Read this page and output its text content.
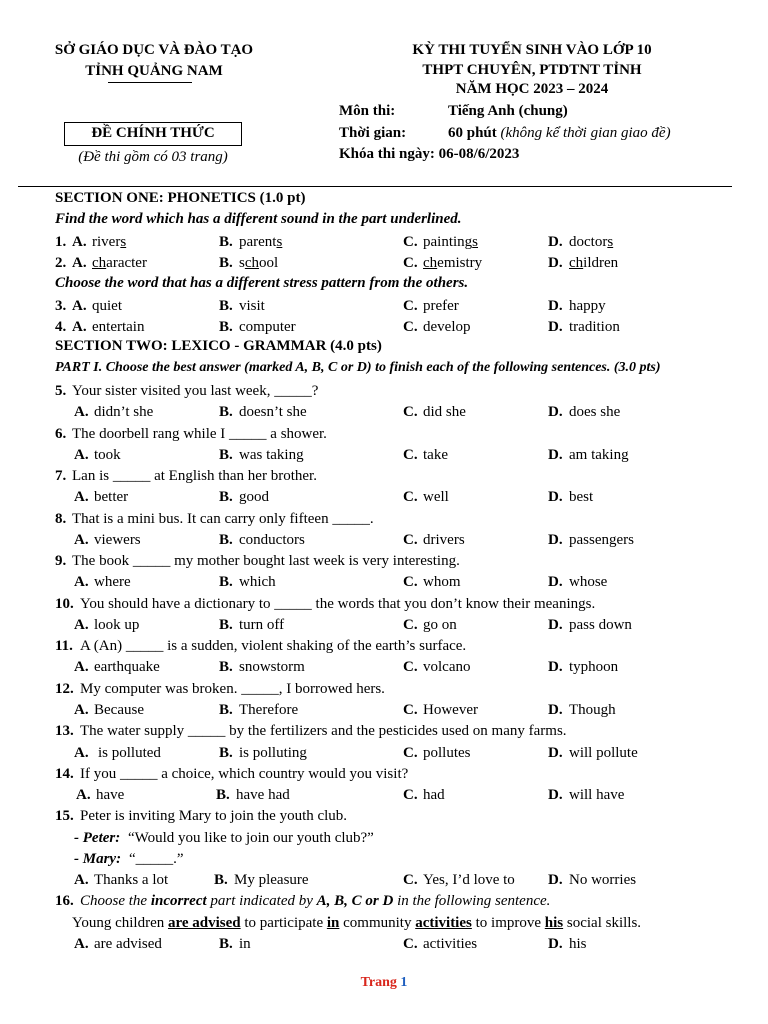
SỞ GIÁO DỤC VÀ ĐÀO TẠO
TỈNH QUẢNG NAM
ĐỀ CHÍNH THỨC
(Đề thi gồm có 03 trang)
KỲ THI TUYỂN SINH VÀO LỚP 10
THPT CHUYÊN, PTDTNT TỈNH
NĂM HỌC 2023 – 2024
Môn thi:	Tiếng Anh (chung)
Thời gian:	60 phút (không kể thời gian giao đề)
Khóa thi ngày: 06-08/6/2023
SECTION ONE: PHONETICS (1.0 pt)
Find the word which has a different sound in the part underlined.
1. A. rivers	B. parents	C. paintings	D. doctors
2. A. character	B. school	C. chemistry	D. children
Choose the word that has a different stress pattern from the others.
3. A. quiet	B. visit	C. prefer	D. happy
4. A. entertain	B. computer	C. develop	D. tradition
SECTION TWO: LEXICO - GRAMMAR (4.0 pts)
PART I. Choose the best answer (marked A, B, C or D) to finish each of the following sentences. (3.0 pts)
5. Your sister visited you last week, _____?
A. didn’t she	B. doesn’t she	C. did she	D. does she
6. The doorbell rang while I _____ a shower.
A. took	B. was taking	C. take	D. am taking
7. Lan is _____ at English than her brother.
A. better	B. good	C. well	D. best
8. That is a mini bus. It can carry only fifteen _____.
A. viewers	B. conductors	C. drivers	D. passengers
9. The book _____ my mother bought last week is very interesting.
A. where	B. which	C. whom	D. whose
10. You should have a dictionary to _____ the words that you don’t know their meanings.
A. look up	B. turn off	C. go on	D. pass down
11. A (An) _____ is a sudden, violent shaking of the earth’s surface.
A. earthquake	B. snowstorm	C. volcano	D. typhoon
12. My computer was broken. _____, I borrowed hers.
A. Because	B. Therefore	C. However	D. Though
13. The water supply _____ by the fertilizers and the pesticides used on many farms.
A. is polluted	B. is polluting	C. pollutes	D. will pollute
14. If you _____ a choice, which country would you visit?
A. have	B. have had	C. had	D. will have
15. Peter is inviting Mary to join the youth club.
- Peter: “Would you like to join our youth club?”
- Mary: “_____.”
A. Thanks a lot	B. My pleasure	C. Yes, I’d love to D. No worries
16. Choose the incorrect part indicated by A, B, C or D in the following sentence.
Young children are advised to participate in community activities to improve his social skills.
A. are advised	B. in	C. activities	D. his
Trang 1
